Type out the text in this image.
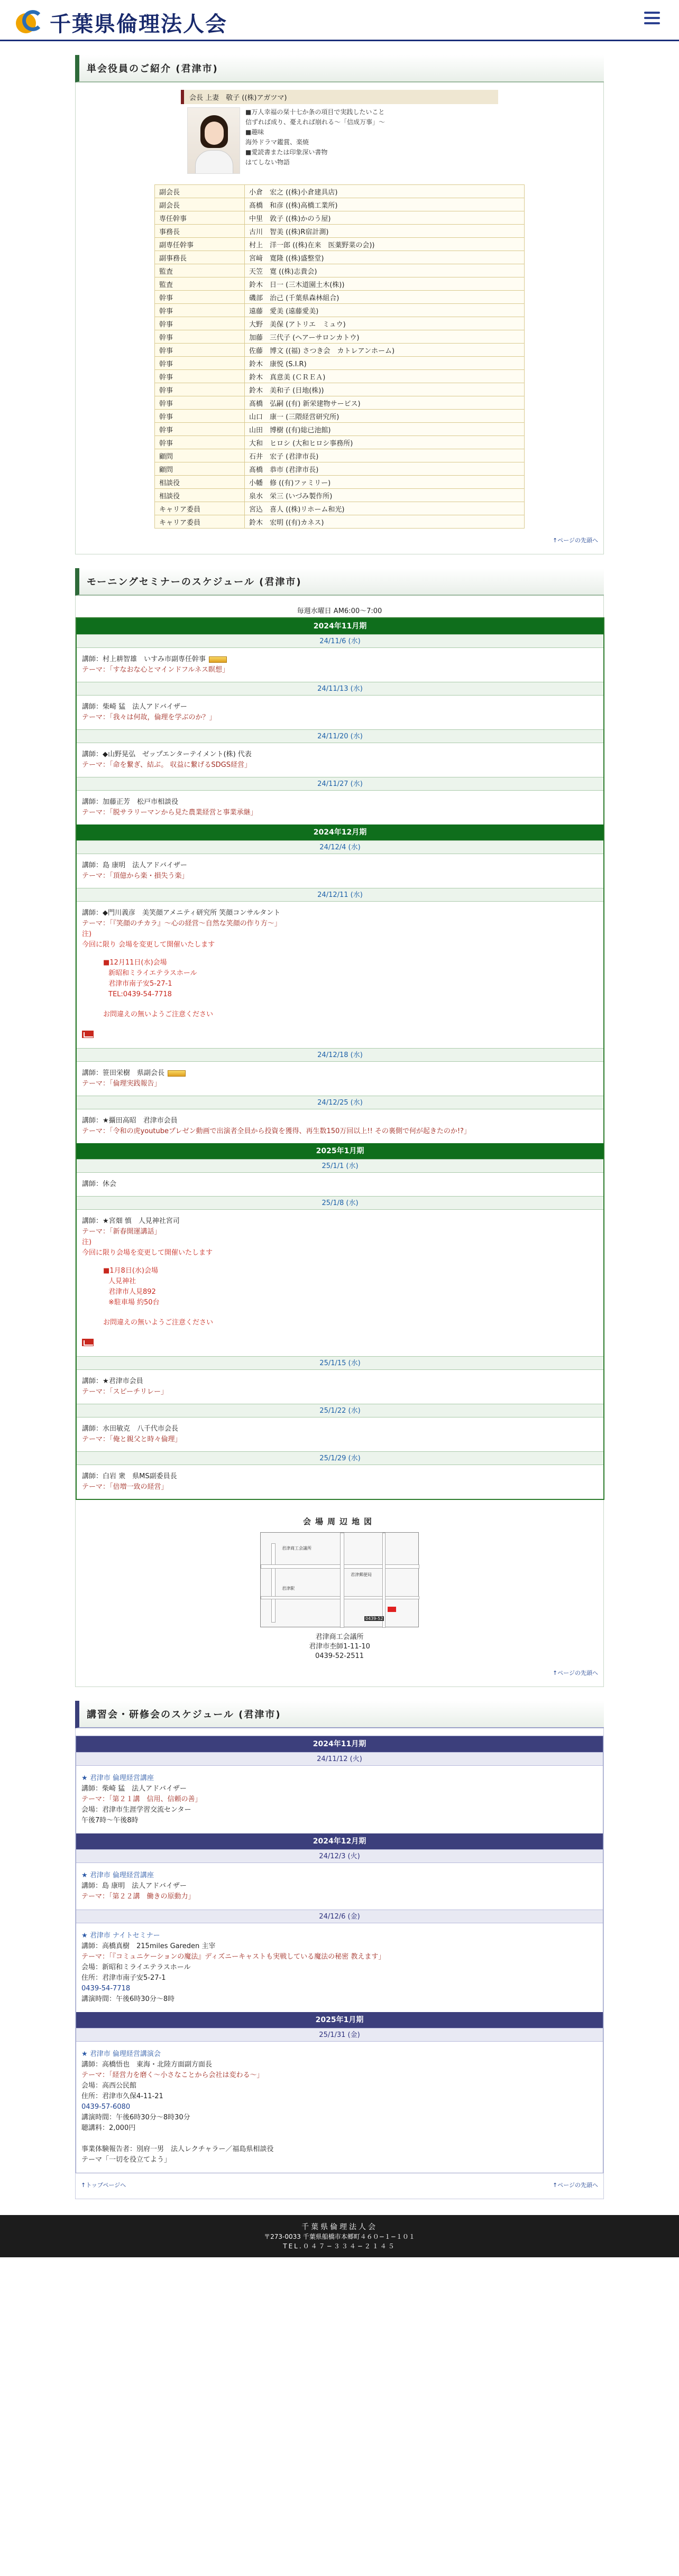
千葉県倫理法人会
単会役員のご紹介 (君津市)
会長 上妻　敬子 ((株)アガツマ)
■万人幸福の栞十七か条の項目で実践したいこと
信ずれば成り、憂えれば崩れる〜「信成万事」〜
■趣味
海外ドラマ鑑賞、楽焼
■愛読書または印象深い書物
はてしない物語
副会長	小倉　宏之 ((株)小倉建具店)
副会長	髙橋　和彦 ((株)高橋工業所)
専任幹事	中里　敦子 ((株)かのう屋)
事務長	古川　智美 ((株)R宿計測)
副専任幹事	村上　洋一郎 ((株)在来　医薬野菜の会))
副事務長	宮﨑　寛隆 ((株)盛整堂)
監査	天笠　寛 ((株)志貴会)
監査	鈴木　日一 (三木道園土木(株))
幹事	磯部　治己 (千葉県森林組合)
幹事	遠藤　愛美 (遠藤愛美)
幹事	大野　美保 (アトリエ　ミュウ)
幹事	加藤　三代子 (ヘアーサロンカトウ)
幹事	佐藤　博文 ((福) さつき会　カトレアンホーム)
幹事	鈴木　康悦 (S.I.R)
幹事	鈴木　真意美 (ＣＲＥＡ)
幹事	鈴木　美和子 (日地(株))
幹事	髙橋　弘嗣 ((有) 新栄建物サービス)
幹事	山口　康一 (三隈経営研究所)
幹事	山田　博樹 ((有)総已池館)
幹事	大和　ヒロシ (大和ヒロシ事務所)
顧問	石井　宏子 (君津市長)
顧問	髙橋　恭市 (君津市長)
相談役	小幡　修 ((有)ファミリー)
相談役	泉水　栄三 (いづみ製作所)
キャリア委員	宮込　喜人 ((株)リホーム和光)
キャリア委員	鈴木　宏明 ((有)カネス)
↑ページの先頭へ
モーニングセミナーのスケジュール (君津市)
毎週水曜日 AM6:00〜7:00
2024年11月期
24/11/6 (水)
講師：村上耕智雄　いすみ市副専任幹事
テーマ：「すなおな心とマインドフルネス瞑想」
24/11/13 (水)
講師：柴崎 猛　法人アドバイザー
テーマ：「我々は何故，倫理を学ぶのか？」
24/11/20 (水)
講師：◆山野晃弘　ゼップエンターテイメント(株) 代表
テーマ：「命を繋ぎ、結ぶ。 収益に繋げるSDGS経営」
24/11/27 (水)
講師：加藤正芳　松戸市相談役
テーマ：「脱サラリーマンから見た農業経営と事業承継」
2024年12月期
24/12/4 (水)
講師：島 康明　法人アドバイザー
テーマ：「頂億から楽・損失う楽」
24/12/11 (水)
講師：◆門川義彦　美笑顔アメニティ研究所 笑顔コンサルタント
テーマ：「『笑顔のチカラ』〜心の経営〜自然な笑顔の作り方〜」
注)
今回に限り 会場を変更して開催いたします
■12月11日(水)会場
新昭和ミライエテラスホール
君津市南子安5-27-1
TEL:0439-54-7718
お問違えの無いようご注意ください
24/12/18 (水)
講師：笹田栄樹　県副会長
テーマ：「倫理実践報告」
24/12/25 (水)
講師：★攝田高昭　君津市会員
テーマ：「令和の虎youtubeプレゼン動画で出演者全員から投資を獲得、再生数150万回以上!! その裏側で何が起きたのか!?」
2025年1月期
25/1/1 (水)
講師：休会
25/1/8 (水)
講師：★宮畑 慎　人見神社宮司
テーマ：「新春開運講話」
注)
今回に限り会場を変更して開催いたします
■1月8日(水)会場
人見神社
君津市人見892
※駐車場 約50台
お問違えの無いようご注意ください
25/1/15 (水)
講師：★君津市会員
テーマ：「スピーチリレー」
25/1/22 (水)
講師：水田敏克　八千代市会長
テーマ：「俺と親父と時々倫理」
25/1/29 (水)
講師：白岩 衆　県MS副委員長
テーマ：「倍増一致の経営」
会場周辺地図
君津商工会議所
君津郵便局
君津駅
0439-52
君津商工会議所
君津市杢師1-11-10
0439-52-2511
↑ページの先頭へ
講習会・研修会のスケジュール (君津市)
2024年11月期
24/11/12 (火)
★ 君津市 倫理経営講座
講師：柴崎 猛　法人アドバイザー
テーマ：「第２１講　信用、信頼の善」
会場：君津市生涯学習交流センター
午後7時〜午後8時
2024年12月期
24/12/3 (火)
★ 君津市 倫理経営講座
講師：島 康明　法人アドバイザー
テーマ：「第２２講　働きの原動力」
24/12/6 (金)
★ 君津市 ナイトセミナー
講師：高橋真樹　215miles Gareden 主宰
テーマ：「『コミュニケーションの魔法』ディズニーキャストも実戦している魔法の秘密 教えます」
会場：新昭和ミライエテラスホール
住所：君津市南子安5-27-1
0439-54-7718
講演時間：午後6時30分〜8時
2025年1月期
25/1/31 (金)
★ 君津市 倫理経営講演会
講師：高橋悟也　東海・北陸方面副方面長
テーマ：「経営力を磨く〜小さなことから会社は変わる〜」
会場：高西公民館
住所：君津市久保4-11-21
0439-57-6080
講演時間：午後6時30分〜8時30分
聴講料：2,000円
事業体験報告者：別府一男　法人レクチャラー／福島県相談役
テーマ「一切を役立てよう」
↑トップページへ	↑ページの先頭へ
千葉県倫理法人会
〒273-0033 千葉県船橋市本郷町４６０−１−１０１
TEL.０４７−３３４−２１４５
